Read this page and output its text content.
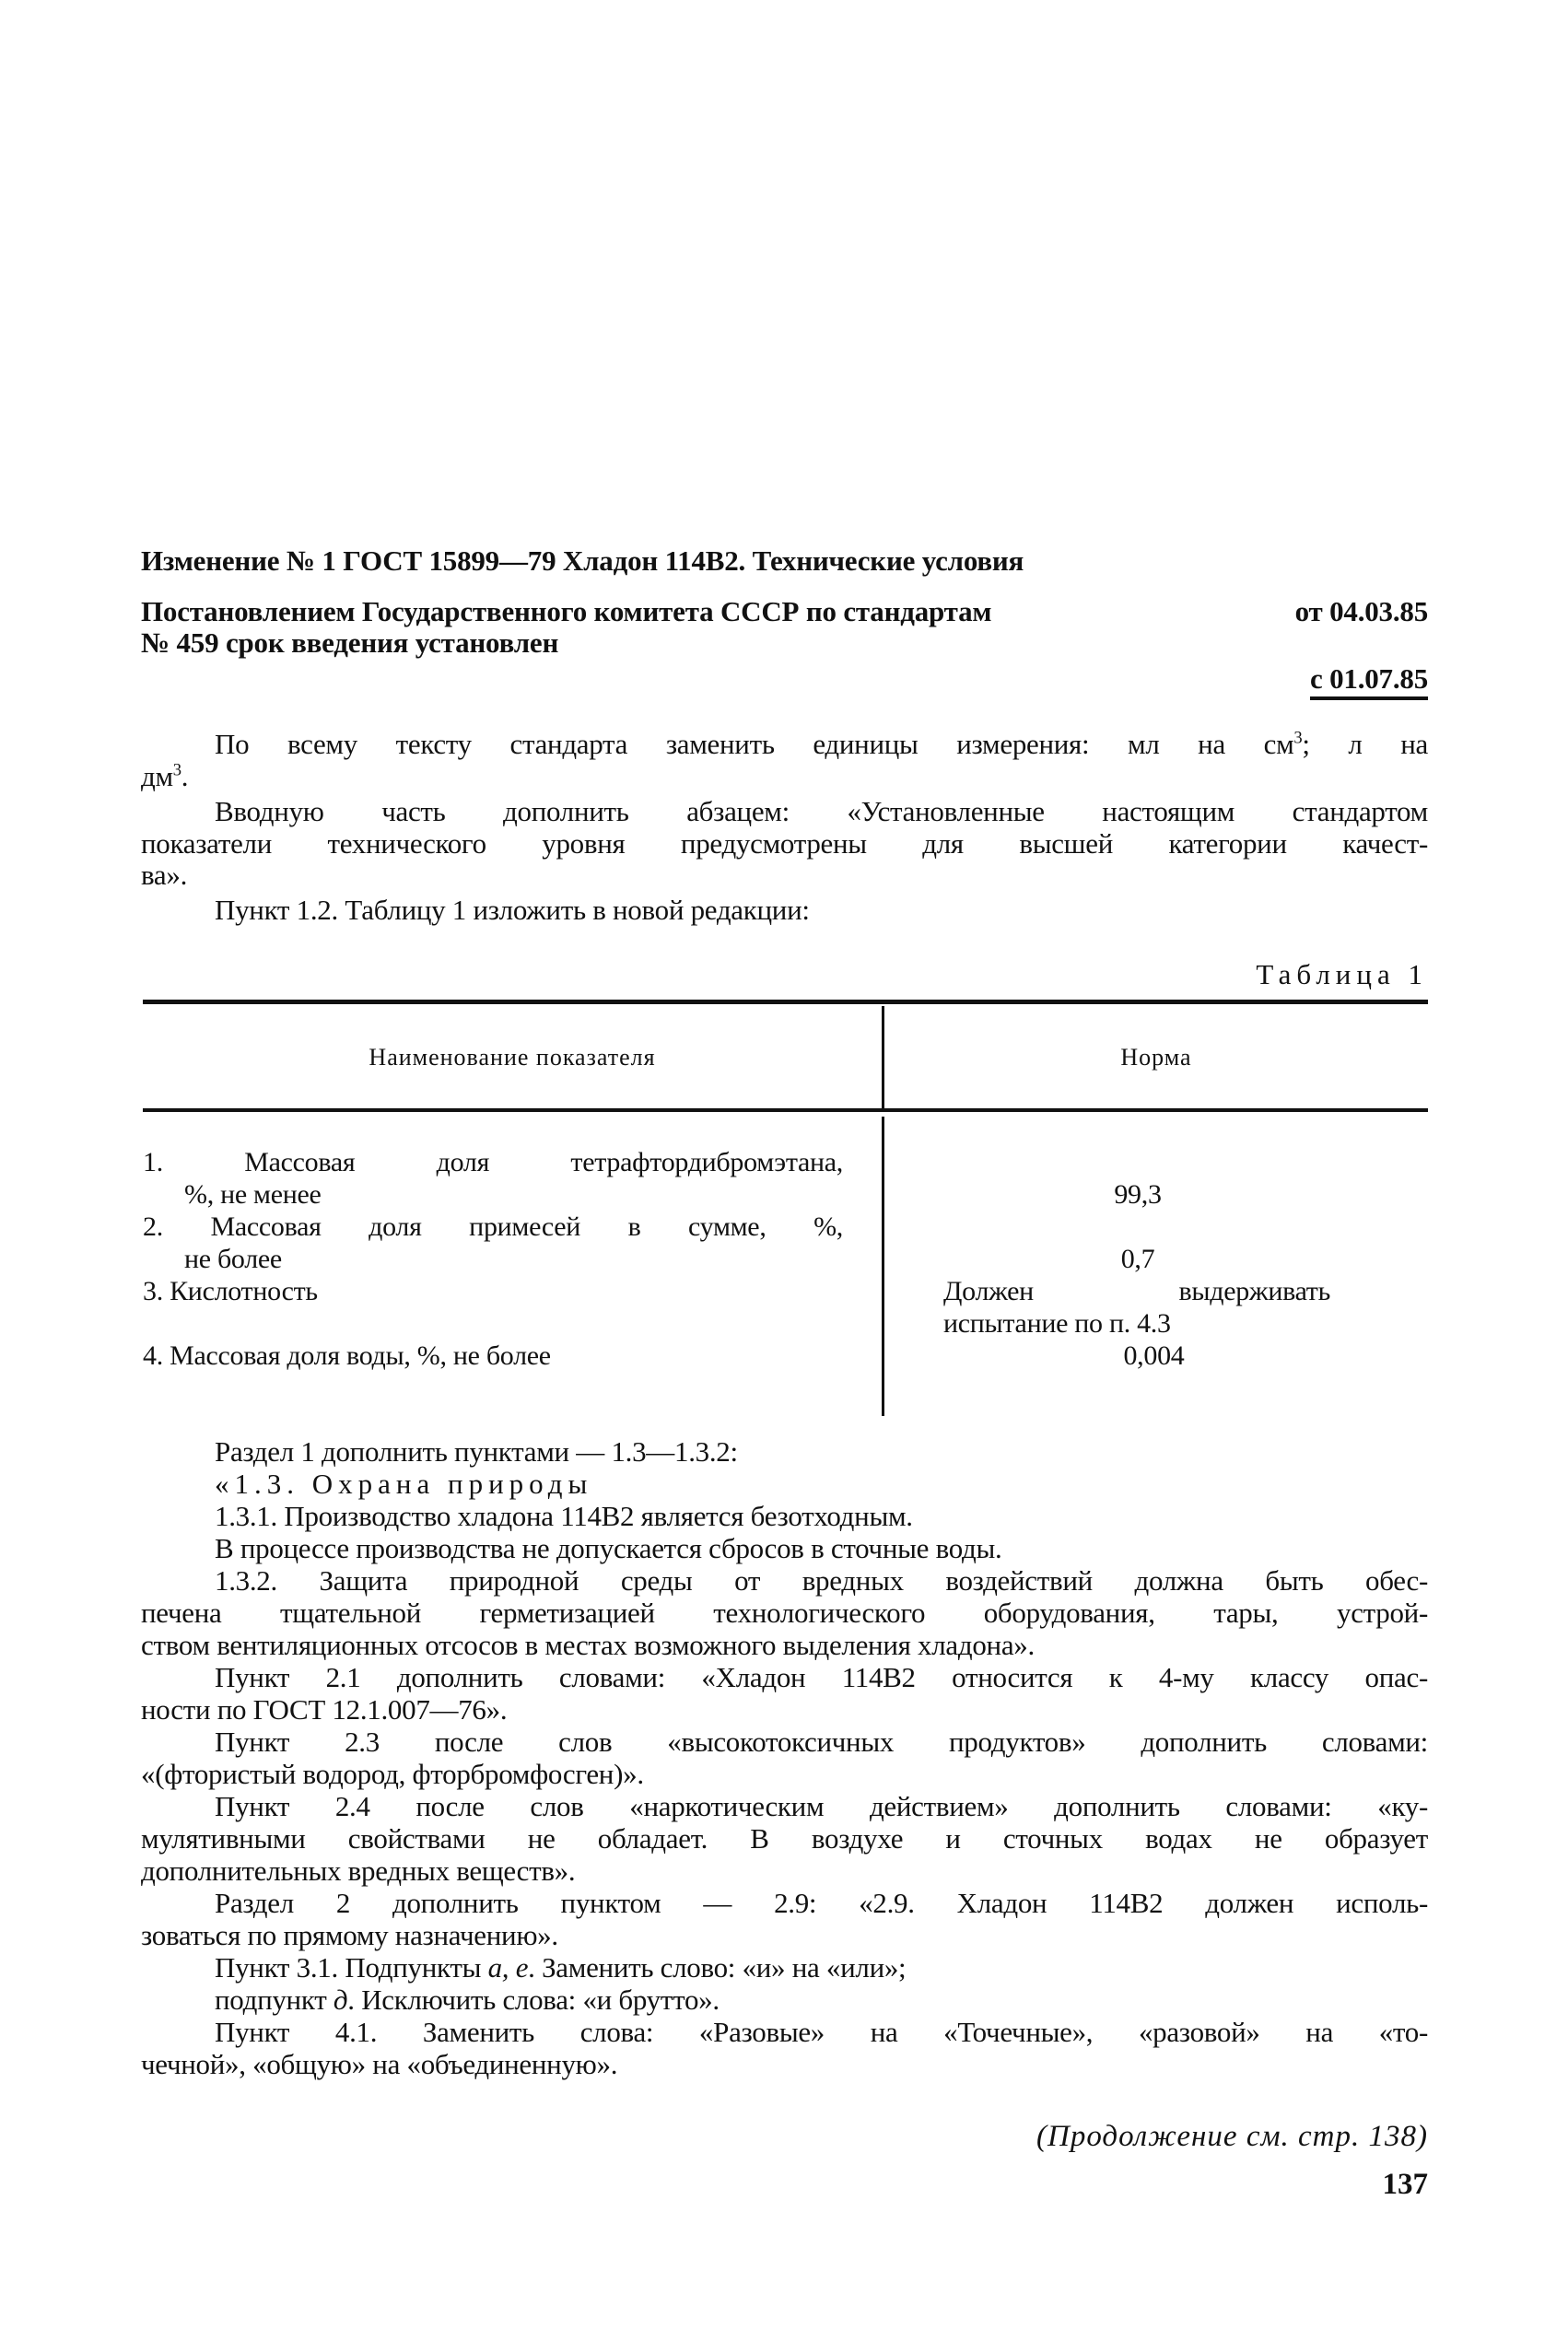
Изменение № 1 ГОСТ 15899—79 Хладон 114В2. Технические условия
Постановлением Государственного комитета СССР по стандартам	от 04.03.85
№ 459 срок введения установлен
с 01.07.85
По всему тексту стандарта заменить единицы измерения: мл на $см^3$; л на
$дм^3$.
Вводную часть дополнить абзацем: «Установленные настоящим стандартом
показатели технического уровня предусмотрены для высшей категории качест-
ва».
Пункт 1.2. Таблицу 1 изложить в новой редакции:
Таблица 1
Наименование показателя	Норма
1. Массовая доля тетрафтордибромэтана,
%, не менее	99,3
2. Массовая доля примесей в сумме, %,
не более	0,7
3. Кислотность	Должен выдерживать
испытание по п. 4.3
4. Массовая доля воды, %, не более	0,004
Раздел 1 дополнить пунктами — 1.3—1.3.2:
«1.3. Охрана природы
1.3.1. Производство хладона 114В2 является безотходным.
В процессе производства не допускается сбросов в сточные воды.
1.3.2. Защита природной среды от вредных воздействий должна быть обес-
печена тщательной герметизацией технологического оборудования, тары, устрой-
ством вентиляционных отсосов в местах возможного выделения хладона».
Пункт 2.1 дополнить словами: «Хладон 114В2 относится к 4-му классу опас-
ности по ГОСТ 12.1.007—76».
Пункт 2.3 после слов «высокотоксичных продуктов» дополнить словами:
«(фтористый водород, фторбромфосген)».
Пункт 2.4 после слов «наркотическим действием» дополнить словами: «ку-
мулятивными свойствами не обладает. В воздухе и сточных водах не образует
дополнительных вредных веществ».
Раздел 2 дополнить пунктом — 2.9: «2.9. Хладон 114В2 должен исполь-
зоваться по прямому назначению».
Пункт 3.1. Подпункты а, е. Заменить слово: «и» на «или»;
подпункт д. Исключить слова: «и брутто».
Пункт 4.1. Заменить слова: «Разовые» на «Точечные», «разовой» на «то-
чечной», «общую» на «объединенную».
(Продолжение см. стр. 138)
137
